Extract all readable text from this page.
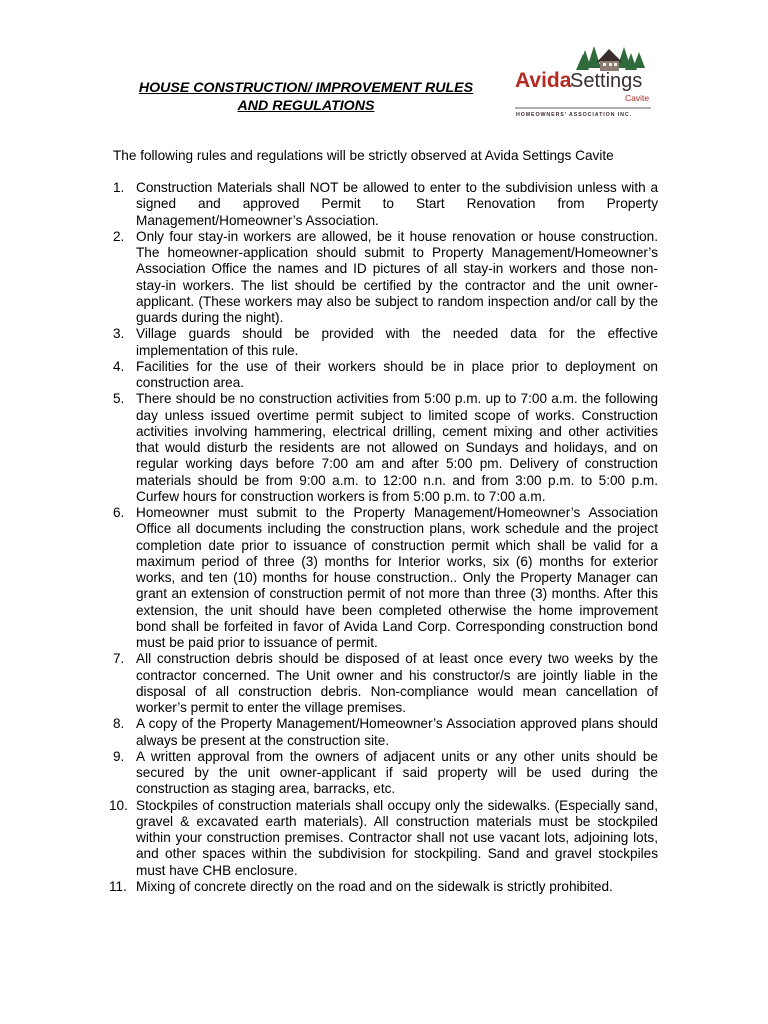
HOUSE CONSTRUCTION/ IMPROVEMENT RULES
AND REGULATIONS
Avida
Settings
Cavite
HOMEOWNERS' ASSOCIATION INC.

The following rules and regulations will be strictly observed at Avida Settings Cavite

1. Construction Materials shall NOT be allowed to enter to the subdivision unless with a signed and approved Permit to Start Renovation from Property Management/Homeowner’s Association.
2. Only four stay-in workers are allowed, be it house renovation or house construction. The homeowner-application should submit to Property Management/Homeowner’s Association Office the names and ID pictures of all stay-in workers and those non-stay-in workers. The list should be certified by the contractor and the unit owner-applicant. (These workers may also be subject to random inspection and/or call by the guards during the night).
3. Village guards should be provided with the needed data for the effective implementation of this rule.
4. Facilities for the use of their workers should be in place prior to deployment on construction area.
5. There should be no construction activities from 5:00 p.m. up to 7:00 a.m. the following day unless issued overtime permit subject to limited scope of works. Construction activities involving hammering, electrical drilling, cement mixing and other activities that would disturb the residents are not allowed on Sundays and holidays, and on regular working days before 7:00 am and after 5:00 pm. Delivery of construction materials should be from 9:00 a.m. to 12:00 n.n. and from 3:00 p.m. to 5:00 p.m. Curfew hours for construction workers is from 5:00 p.m. to 7:00 a.m.
6. Homeowner must submit to the Property Management/Homeowner’s Association Office all documents including the construction plans, work schedule and the project completion date prior to issuance of construction permit which shall be valid for a maximum period of three (3) months for Interior works, six (6) months for exterior works, and ten (10) months for house construction.. Only the Property Manager can grant an extension of construction permit of not more than three (3) months. After this extension, the unit should have been completed otherwise the home improvement bond shall be forfeited in favor of Avida Land Corp. Corresponding construction bond must be paid prior to issuance of permit.
7. All construction debris should be disposed of at least once every two weeks by the contractor concerned. The Unit owner and his constructor/s are jointly liable in the disposal of all construction debris. Non-compliance would mean cancellation of worker’s permit to enter the village premises.
8. A copy of the Property Management/Homeowner’s Association approved plans should always be present at the construction site.
9. A written approval from the owners of adjacent units or any other units should be secured by the unit owner-applicant if said property will be used during the construction as staging area, barracks, etc.
10. Stockpiles of construction materials shall occupy only the sidewalks. (Especially sand, gravel & excavated earth materials). All construction materials must be stockpiled within your construction premises. Contractor shall not use vacant lots, adjoining lots, and other spaces within the subdivision for stockpiling. Sand and gravel stockpiles must have CHB enclosure.
11. Mixing of concrete directly on the road and on the sidewalk is strictly prohibited.
